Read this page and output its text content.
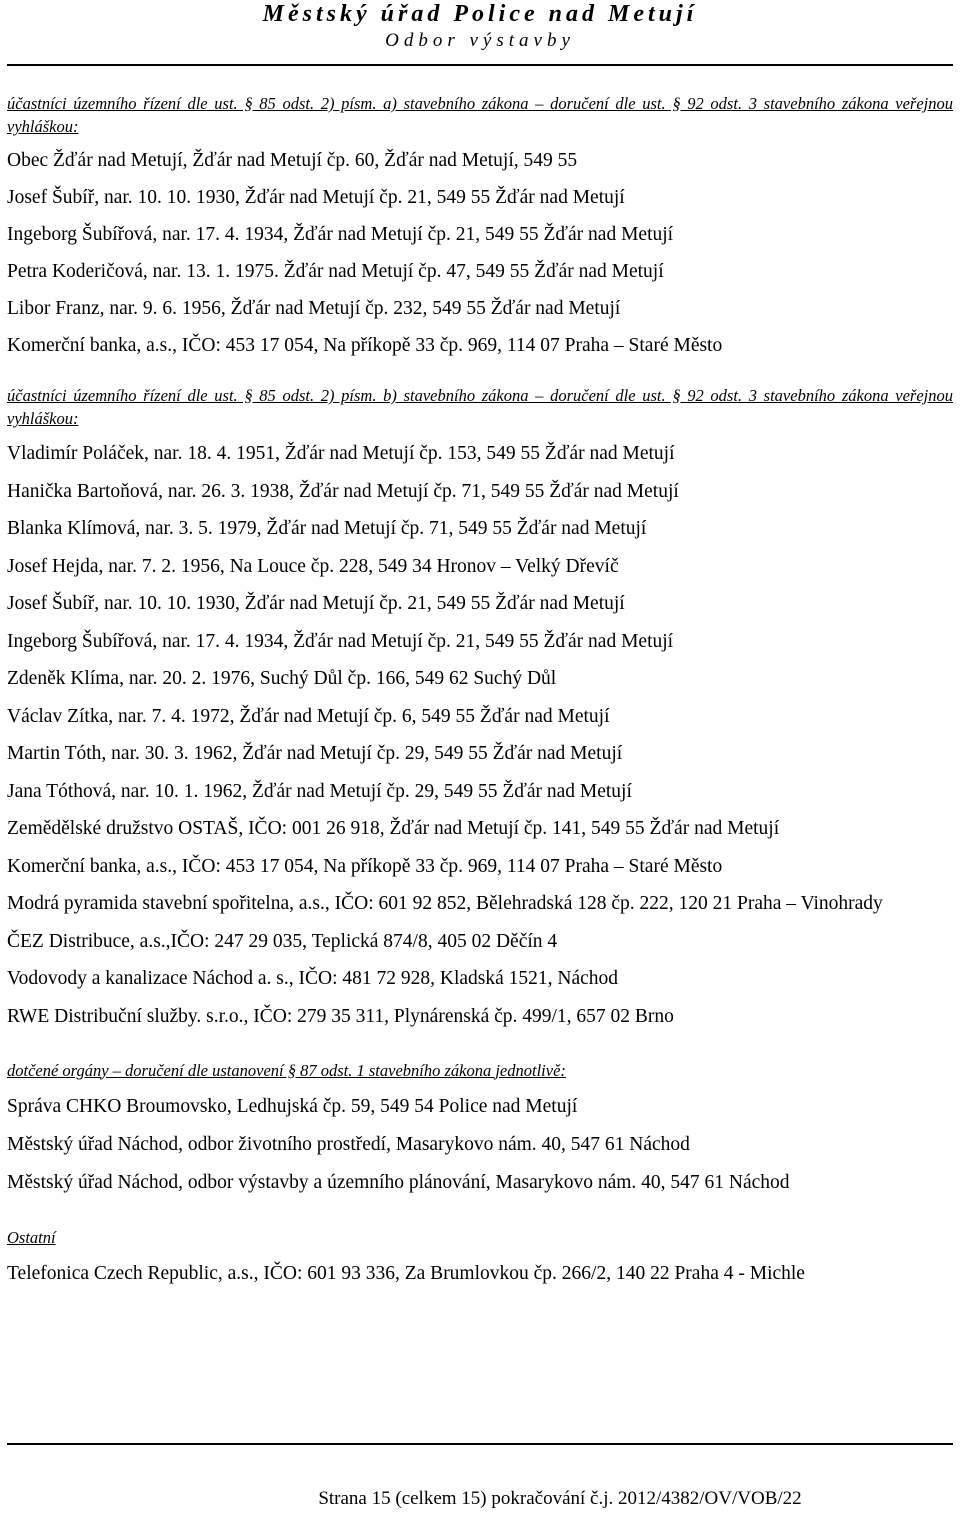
Městský úřad Police nad Metují
Odbor výstavby
účastníci územního řízení dle ust. § 85 odst. 2) písm. a) stavebního zákona – doručení dle ust. § 92 odst. 3 stavebního zákona veřejnou vyhláškou:

Obec Žďár nad Metují, Žďár nad Metují čp. 60, Žďár nad Metují, 549 55

Josef Šubíř, nar. 10. 10. 1930, Žďár nad Metují čp. 21, 549 55 Žďár nad Metují

Ingeborg Šubířová, nar. 17. 4. 1934, Žďár nad Metují čp. 21, 549 55 Žďár nad Metují

Petra Koderičová, nar. 13. 1. 1975. Žďár nad Metují čp. 47, 549 55 Žďár nad Metují

Libor Franz, nar. 9. 6. 1956, Žďár nad Metují čp. 232, 549 55 Žďár nad Metují

Komerční banka, a.s., IČO: 453 17 054, Na příkopě 33 čp. 969, 114 07 Praha – Staré Město

účastníci územního řízení dle ust. § 85 odst. 2) písm. b) stavebního zákona – doručení dle ust. § 92 odst. 3 stavebního zákona veřejnou vyhláškou:

Vladimír Poláček, nar. 18. 4. 1951, Žďár nad Metují čp. 153, 549 55 Žďár nad Metují

Hanička Bartoňová, nar. 26. 3. 1938, Žďár nad Metují čp. 71, 549 55 Žďár nad Metují

Blanka Klímová, nar. 3. 5. 1979, Žďár nad Metují čp. 71, 549 55 Žďár nad Metují

Josef Hejda, nar. 7. 2. 1956, Na Louce čp. 228, 549 34 Hronov – Velký Dřevíč

Josef Šubíř, nar. 10. 10. 1930, Žďár nad Metují čp. 21, 549 55 Žďár nad Metují

Ingeborg Šubířová, nar. 17. 4. 1934, Žďár nad Metují čp. 21, 549 55 Žďár nad Metují

Zdeněk Klíma, nar. 20. 2. 1976, Suchý Důl čp. 166, 549 62 Suchý Důl

Václav Zítka, nar. 7. 4. 1972, Žďár nad Metují čp. 6, 549 55 Žďár nad Metují

Martin Tóth, nar. 30. 3. 1962, Žďár nad Metují čp. 29, 549 55 Žďár nad Metují

Jana Tóthová, nar. 10. 1. 1962, Žďár nad Metují čp. 29, 549 55 Žďár nad Metují

Zemědělské družstvo OSTAŠ, IČO: 001 26 918, Žďár nad Metují čp. 141, 549 55 Žďár nad Metují

Komerční banka, a.s., IČO: 453 17 054, Na příkopě 33 čp. 969, 114 07 Praha – Staré Město

Modrá pyramida stavební spořitelna, a.s., IČO: 601 92 852, Bělehradská 128 čp. 222, 120 21 Praha – Vinohrady

ČEZ Distribuce, a.s.,IČO: 247 29 035, Teplická 874/8, 405 02 Děčín 4

Vodovody a kanalizace Náchod a. s., IČO: 481 72 928, Kladská 1521, Náchod

RWE Distribuční služby. s.r.o., IČO: 279 35 311, Plynárenská čp. 499/1, 657 02 Brno

dotčené orgány – doručení dle ustanovení § 87 odst. 1 stavebního zákona jednotlivě:

Správa CHKO Broumovsko, Ledhujská čp. 59, 549 54 Police nad Metují

Městský úřad Náchod, odbor životního prostředí, Masarykovo nám. 40, 547 61 Náchod

Městský úřad Náchod, odbor výstavby a územního plánování, Masarykovo nám. 40, 547 61 Náchod

Ostatní

Telefonica Czech Republic, a.s., IČO: 601 93 336, Za Brumlovkou čp. 266/2, 140 22 Praha 4 - Michle

Strana 15 (celkem 15) pokračování č.j. 2012/4382/OV/VOB/22
